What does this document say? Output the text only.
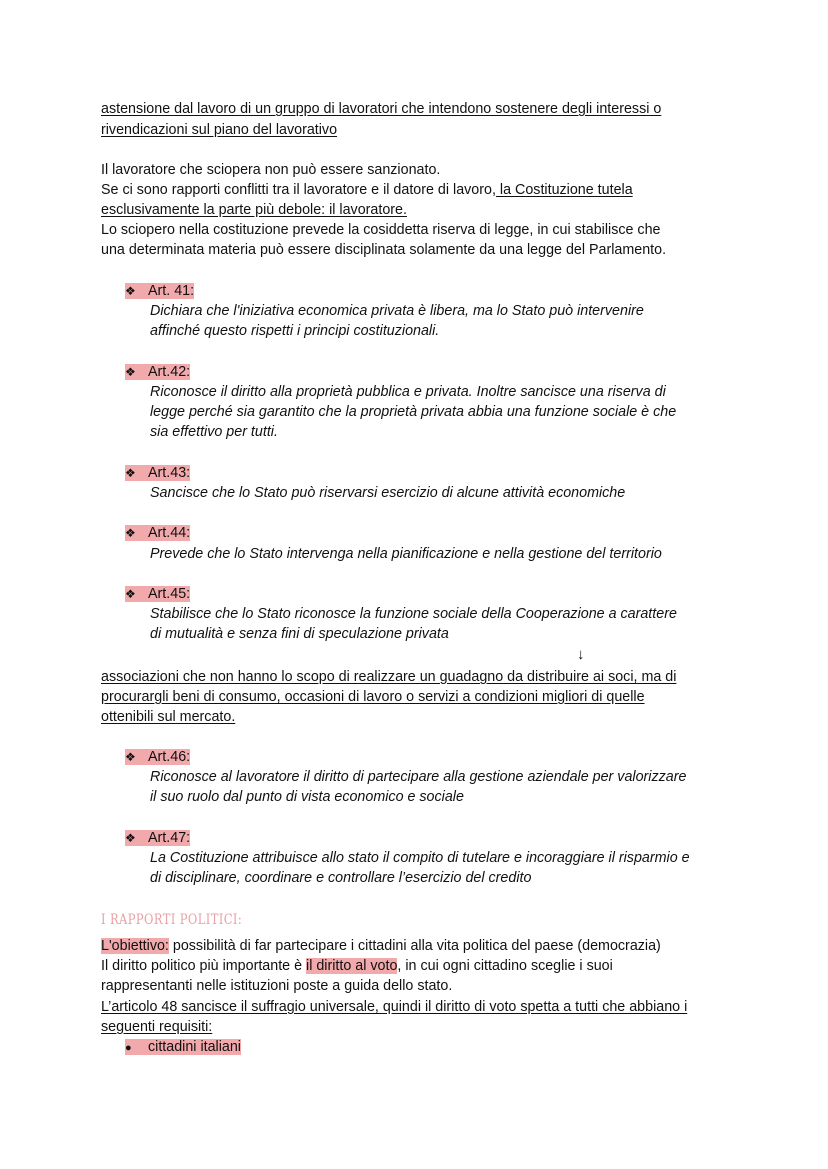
astensione dal lavoro di un gruppo di lavoratori che intendono sostenere degli interessi o
rivendicazioni sul piano del lavorativo
Il lavoratore che sciopera non può essere sanzionato.
Se ci sono rapporti conflitti tra il lavoratore e il datore di lavoro, la Costituzione tutela
esclusivamente la parte più debole: il lavoratore.
Lo sciopero nella costituzione prevede la cosiddetta riserva di legge, in cui stabilisce che
una determinata materia può essere disciplinata solamente da una legge del Parlamento.
❖ Art. 41:
Dichiara che l'iniziativa economica privata è libera, ma lo Stato può intervenire
affinché questo rispetti i principi costituzionali.
❖ Art.42:
Riconosce il diritto alla proprietà pubblica e privata. Inoltre sancisce una riserva di
legge perché sia garantito che la proprietà privata abbia una funzione sociale è che
sia effettivo per tutti.
❖ Art.43:
Sancisce che lo Stato può riservarsi esercizio di alcune attività economiche
❖ Art.44:
Prevede che lo Stato intervenga nella pianificazione e nella gestione del territorio
❖ Art.45:
Stabilisce che lo Stato riconosce la funzione sociale della Cooperazione a carattere
di mutualità e senza fini di speculazione privata
↓
associazioni che non hanno lo scopo di realizzare un guadagno da distribuire ai soci, ma di
procurargli beni di consumo, occasioni di lavoro o servizi a condizioni migliori di quelle
ottenibili sul mercato.
❖ Art.46:
Riconosce al lavoratore il diritto di partecipare alla gestione aziendale per valorizzare
il suo ruolo dal punto di vista economico e sociale
❖ Art.47:
La Costituzione attribuisce allo stato il compito di tutelare e incoraggiare il risparmio e
di disciplinare, coordinare e controllare l’esercizio del credito
I RAPPORTI POLITICI:
L'obiettivo: possibilità di far partecipare i cittadini alla vita politica del paese (democrazia)
Il diritto politico più importante è il diritto al voto, in cui ogni cittadino sceglie i suoi
rappresentanti nelle istituzioni poste a guida dello stato.
L’articolo 48 sancisce il suffragio universale, quindi il diritto di voto spetta a tutti che abbiano i
seguenti requisiti:
● cittadini italiani
